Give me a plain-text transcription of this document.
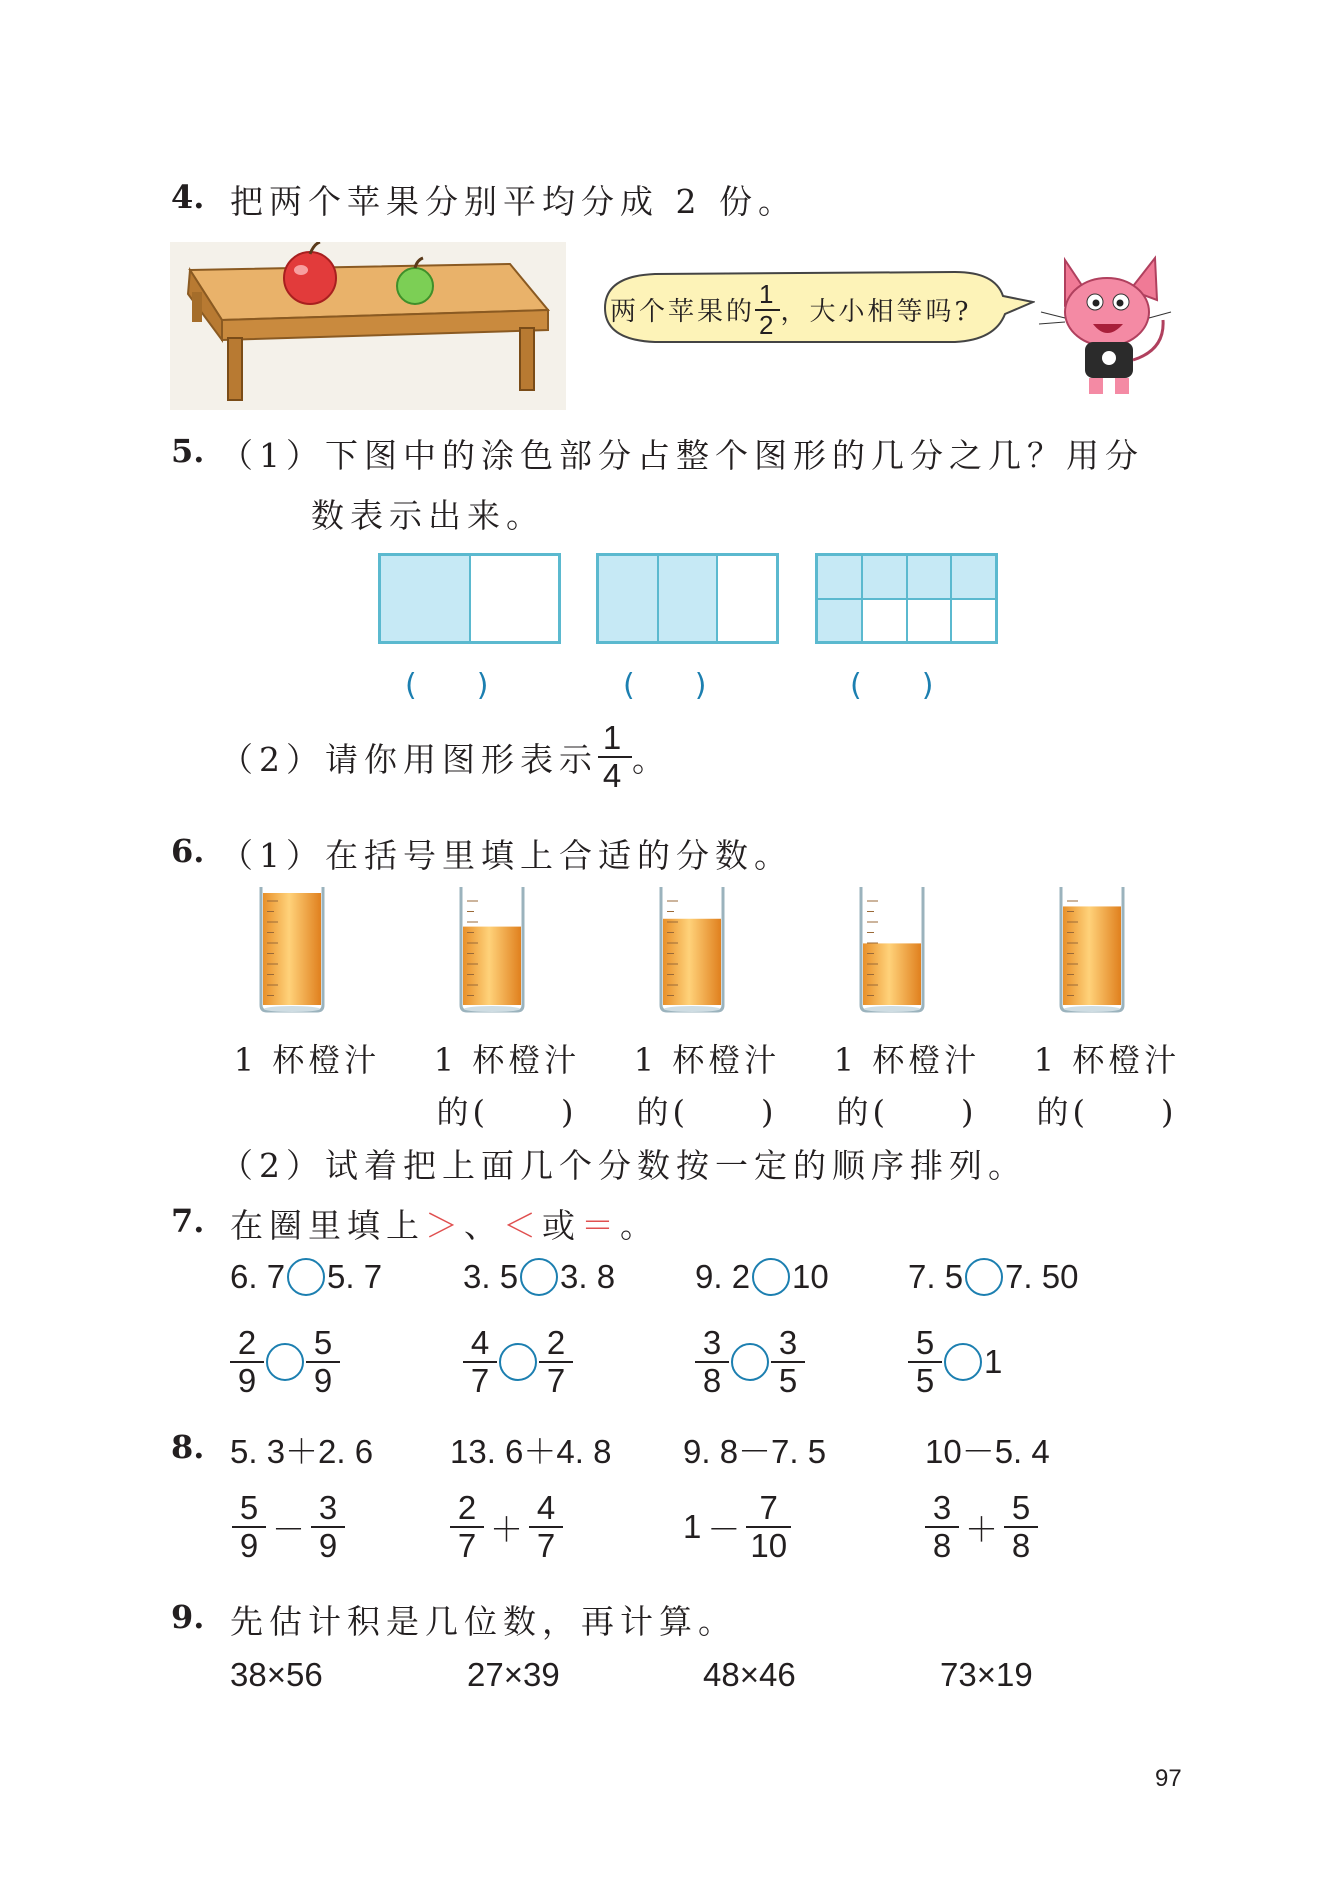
4. 把两个苹果分别平均分成 2 份。
两个苹果的 $\frac{1}{2}$ ，大小相等吗?
5. （1）下图中的涂色部分占整个图形的几分之几？用分
数表示出来。
(　　)	(　　)	(　　)
（2） 请你用图形表示 $\frac{1}{4}$ 。
6. （1）在括号里填上合适的分数。
1 杯橙汁 1 杯橙汁
的(　　)
1 杯橙汁
的(　　)
1 杯橙汁
的(　　)
1 杯橙汁
的(　　)
（2）试着把上面几个分数按一定的顺序排列。
7. 在圈里填上＞、＜或＝。
6. 7 5. 7 3. 5 3. 8 9. 2 10 7. 5 7. 50
$\frac{2}{9} \frac{5}{9}$	$\frac{4}{7} \frac{2}{7}$	$\frac{3}{8} \frac{3}{5}$	$\frac{5}{5} 1$
8. 5. 3＋2. 6 13. 6＋4. 8 9. 8－7. 5	10－5. 4
$\frac{5}{9} - \frac{3}{9}$	$\frac{2}{7} + \frac{4}{7}$	$1 - \frac{7}{10}$	$\frac{3}{8} + \frac{5}{8}$
9. 先估计积是几位数，再计算。
38×56	27×39	48×46	73×19
97
